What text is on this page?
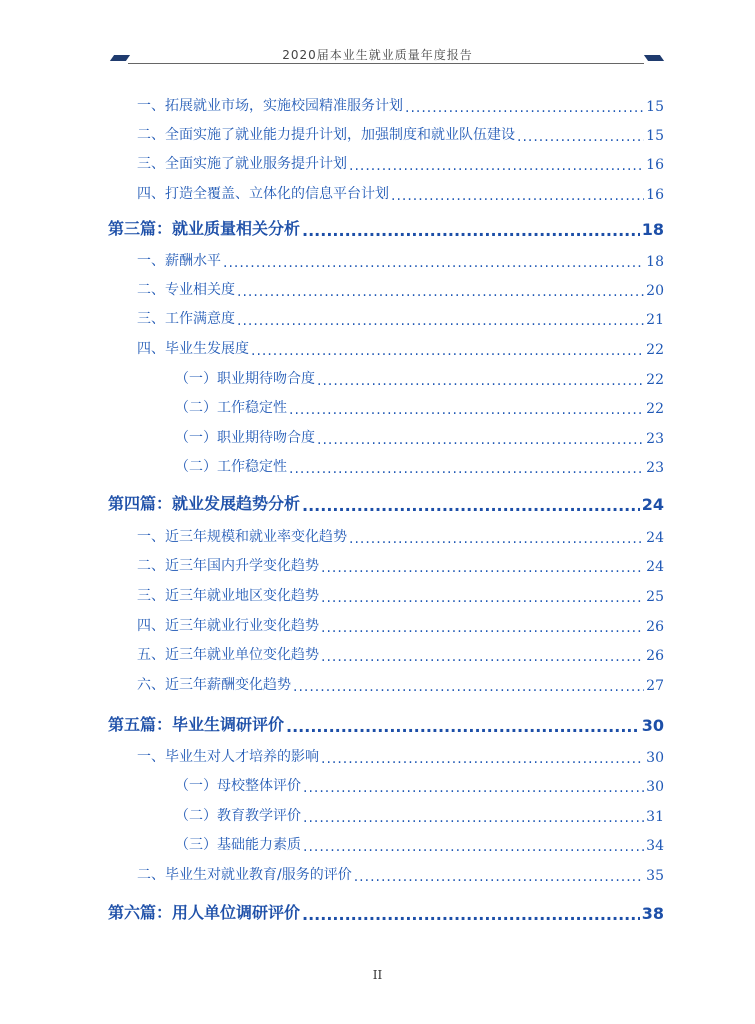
2020届本业生就业质量年度报告
一、拓展就业市场，实施校园精准服务计划 .....	15
二、全面实施了就业能力提升计划，加强制度和就业队伍建设 .....	15
三、全面实施了就业服务提升计划 .....	16
四、打造全覆盖、立体化的信息平台计划 .....	16
第三篇：就业质量相关分析 .....	18
一、薪酬水平 .....	18
二、专业相关度 .....	20
三、工作满意度 .....	21
四、毕业生发展度 .....	22
（一）职业期待吻合度 .....	22
（二）工作稳定性 .....	22
（一）职业期待吻合度 .....	23
（二）工作稳定性 .....	23
第四篇：就业发展趋势分析 .....	24
一、近三年规模和就业率变化趋势 .....	24
二、近三年国内升学变化趋势 .....	24
三、近三年就业地区变化趋势 .....	25
四、近三年就业行业变化趋势 .....	26
五、近三年就业单位变化趋势 .....	26
六、近三年薪酬变化趋势 .....	27
第五篇：毕业生调研评价 .....	30
一、毕业生对人才培养的影响 .....	30
（一）母校整体评价 .....	30
（二）教育教学评价 .....	31
（三）基础能力素质 .....	34
二、毕业生对就业教育/服务的评价 .....	35
第六篇：用人单位调研评价 .....	38
II
